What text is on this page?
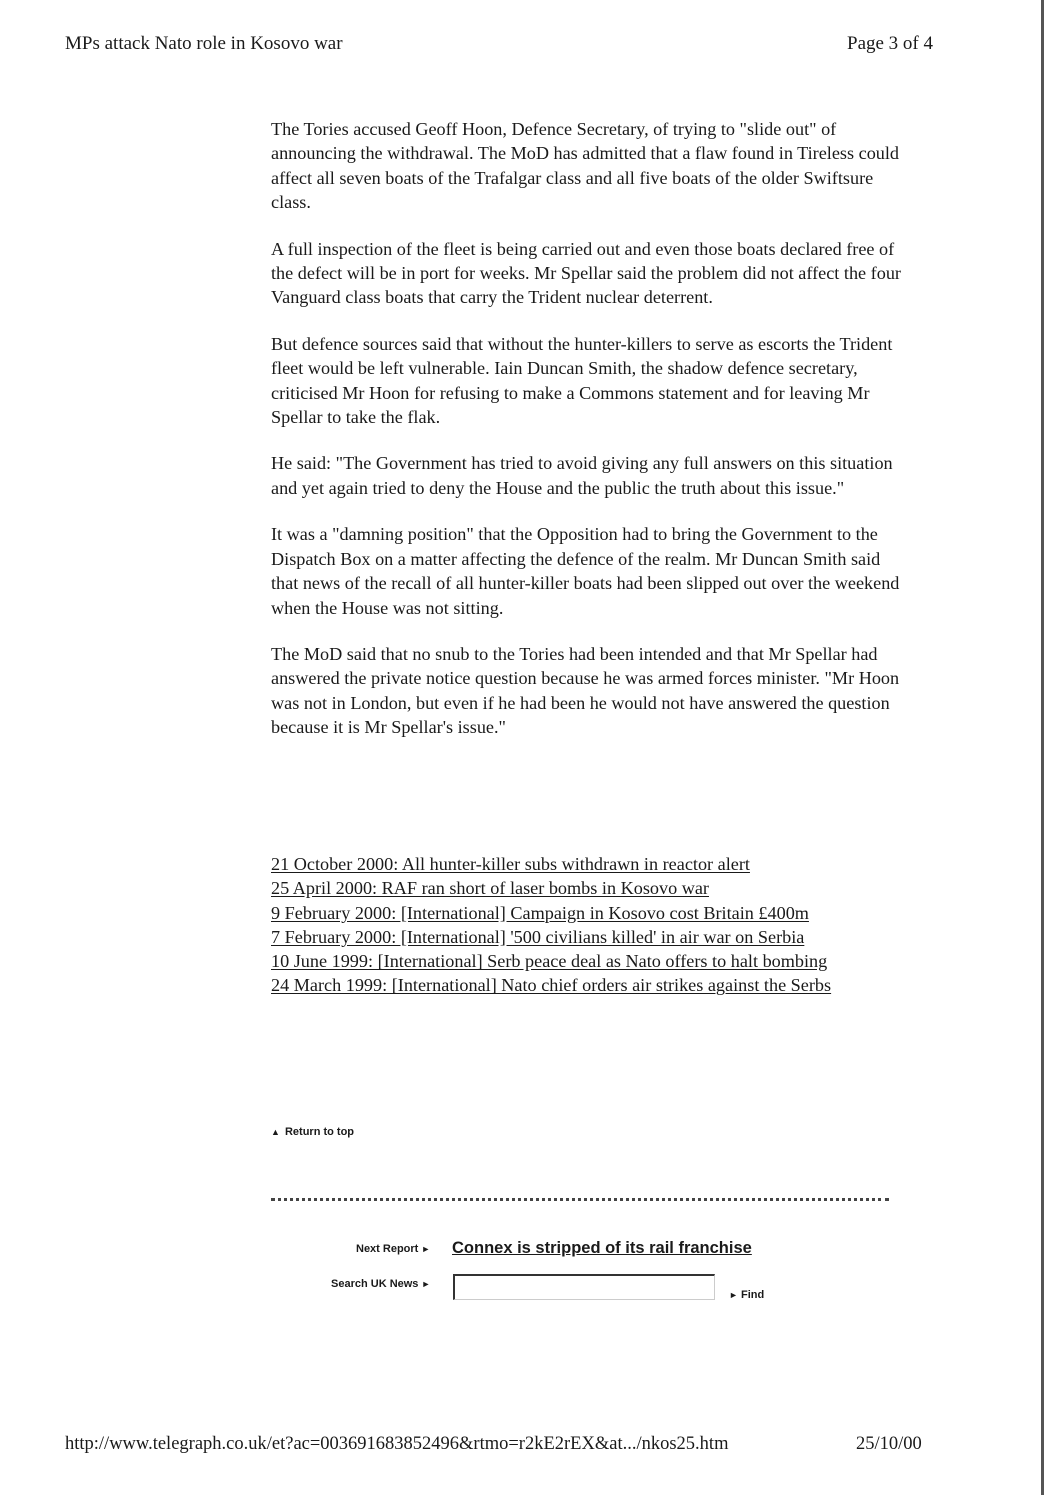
MPs attack Nato role in Kosovo war	Page 3 of 4

The Tories accused Geoff Hoon, Defence Secretary, of trying to "slide out" of announcing the withdrawal. The MoD has admitted that a flaw found in Tireless could affect all seven boats of the Trafalgar class and all five boats of the older Swiftsure class.

A full inspection of the fleet is being carried out and even those boats declared free of the defect will be in port for weeks. Mr Spellar said the problem did not affect the four Vanguard class boats that carry the Trident nuclear deterrent.

But defence sources said that without the hunter-killers to serve as escorts the Trident fleet would be left vulnerable. Iain Duncan Smith, the shadow defence secretary, criticised Mr Hoon for refusing to make a Commons statement and for leaving Mr Spellar to take the flak.

He said: "The Government has tried to avoid giving any full answers on this situation and yet again tried to deny the House and the public the truth about this issue."

It was a "damning position" that the Opposition had to bring the Government to the Dispatch Box on a matter affecting the defence of the realm. Mr Duncan Smith said that news of the recall of all hunter-killer boats had been slipped out over the weekend when the House was not sitting.

The MoD said that no snub to the Tories had been intended and that Mr Spellar had answered the private notice question because he was armed forces minister. "Mr Hoon was not in London, but even if he had been he would not have answered the question because it is Mr Spellar's issue."

21 October 2000: All hunter-killer subs withdrawn in reactor alert
25 April 2000: RAF ran short of laser bombs in Kosovo war
9 February 2000: [International] Campaign in Kosovo cost Britain £400m
7 February 2000: [International] '500 civilians killed' in air war on Serbia
10 June 1999: [International] Serb peace deal as Nato offers to halt bombing
24 March 1999: [International] Nato chief orders air strikes against the Serbs
▲ Return to top
Next Report ► Connex is stripped of its rail franchise
Search UK News ►
► Find
http://www.telegraph.co.uk/et?ac=003691683852496&rtmo=r2kE2rEX&at.../nkos25.htm	25/10/00
